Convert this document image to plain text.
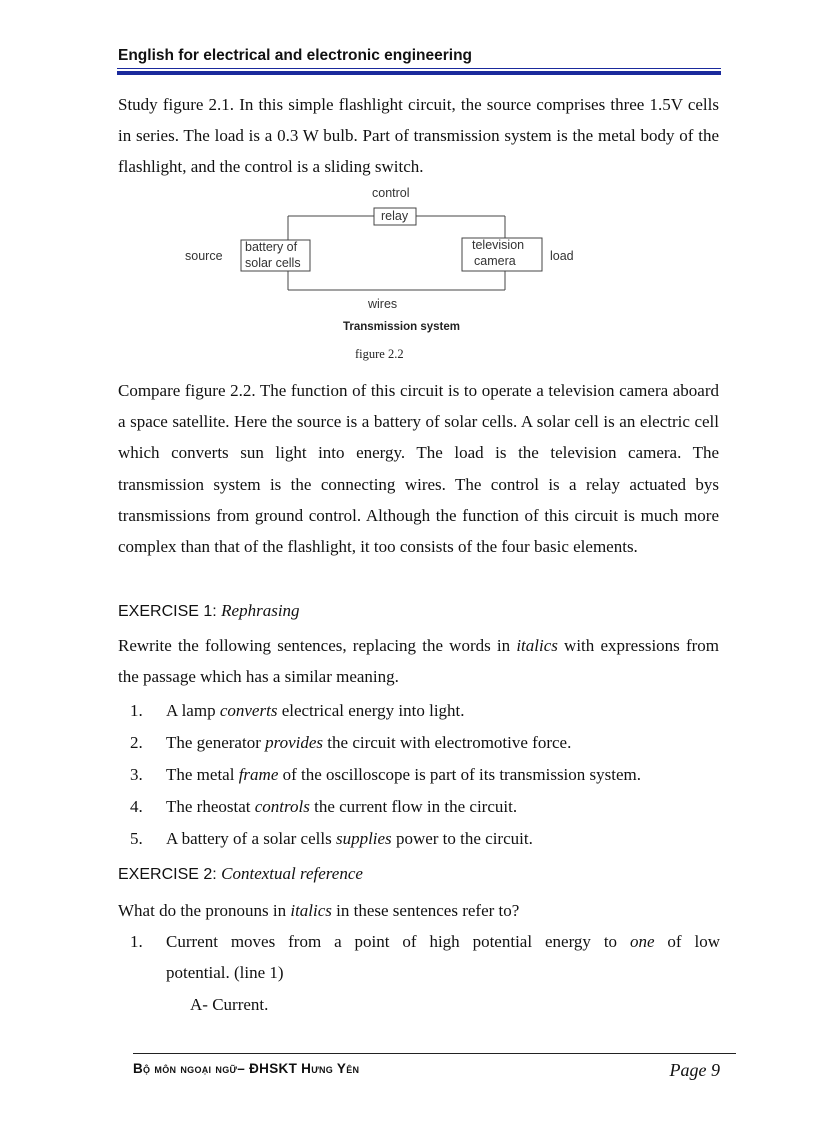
English for electrical and electronic engineering

Study figure 2.1. In this simple flashlight circuit, the source comprises three 1.5V cells in series. The load is a 0.3 W bulb. Part of transmission system is the metal body of the flashlight, and the control is a sliding switch.

control
relay
source
battery of
solar cells
television
camera	load
wires
Transmission system
figure 2.2

Compare figure 2.2. The function of this circuit is to operate a television camera aboard a space satellite. Here the source is a battery of solar cells. A solar cell is an electric cell which converts sun light into energy. The load is the television camera. The transmission system is the connecting wires. The control is a relay actuated bys transmissions from ground control. Although the function of this circuit is much more complex than that of the flashlight, it too consists of the four basic elements.

EXERCISE 1: Rephrasing

Rewrite the following sentences, replacing the words in italics with expressions from the passage which has a similar meaning.

1. A lamp converts electrical energy into light.
2. The generator provides the circuit with electromotive force.
3. The metal frame of the oscilloscope is part of its transmission system.
4. The rheostat controls the current flow in the circuit.
5. A battery of a solar cells supplies power to the circuit.
EXERCISE 2: Contextual reference

What do the pronouns in italics in these sentences refer to?

1.	Current moves from a point of high potential energy to one of low
potential. (line 1)
A- Current.
Bộ môn ngoại ngữ– ĐHSKT Hưng Yên	Page 9
